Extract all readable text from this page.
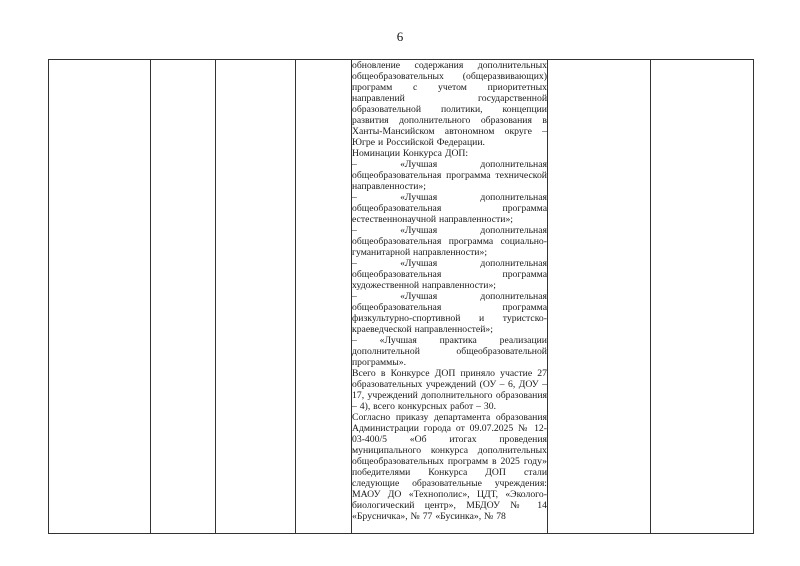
6

обновление содержания дополнительных общеобразовательных (общеразвивающих) программ с учетом приоритетных направлений государственной образовательной политики, концепции развития дополнительного образования в Ханты-Мансийском автономном округе – Югре и Российской Федерации.

Номинации Конкурса ДОП:

– «Лучшая дополнительная общеобразовательная программа технической направленности»;

– «Лучшая дополнительная общеобразовательная программа естественнонаучной направленности»;

– «Лучшая дополнительная общеобразовательная программа социально-гуманитарной направленности»;

– «Лучшая дополнительная общеобразовательная программа художественной направленности»;

– «Лучшая дополнительная общеобразовательная программа физкультурно-спортивной и туристско-краеведческой направленностей»;

– «Лучшая практика реализации дополнительной общеобразовательной программы».

Всего в Конкурсе ДОП приняло участие 27 образовательных учреждений (ОУ – 6, ДОУ – 17, учреждений дополнительного образования – 4), всего конкурсных работ – 30.

Согласно приказу департамента образования Администрации города от 09.07.2025 № 12-03-400/5 «Об итогах проведения муниципального конкурса дополнительных общеобразовательных программ в 2025 году» победителями Конкурса ДОП стали следующие образовательные учреждения: МАОУ ДО «Технополис», ЦДТ, «Эколого-биологический центр», МБДОУ № 14 «Брусничка», № 77 «Бусинка», № 78
